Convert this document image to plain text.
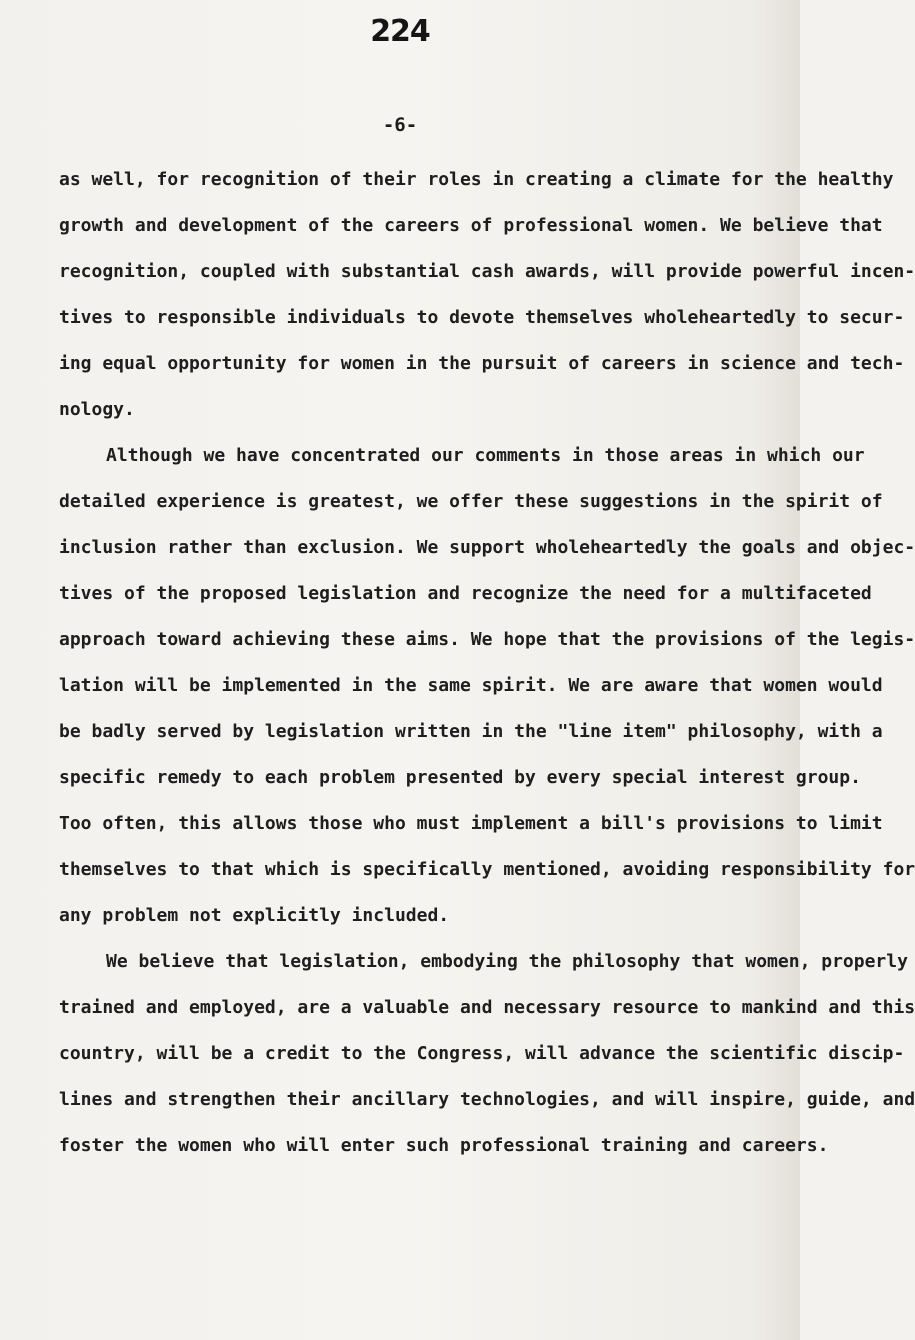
224
-6-
as well, for recognition of their roles in creating a climate for the healthy
growth and development of the careers of professional women. We believe that
recognition, coupled with substantial cash awards, will provide powerful incen-
tives to responsible individuals to devote themselves wholeheartedly to secur-
ing equal opportunity for women in the pursuit of careers in science and tech-
nology.
Although we have concentrated our comments in those areas in which our
detailed experience is greatest, we offer these suggestions in the spirit of
inclusion rather than exclusion. We support wholeheartedly the goals and objec-
tives of the proposed legislation and recognize the need for a multifaceted
approach toward achieving these aims. We hope that the provisions of the legis-
lation will be implemented in the same spirit. We are aware that women would
be badly served by legislation written in the "line item" philosophy, with a
specific remedy to each problem presented by every special interest group.
Too often, this allows those who must implement a bill's provisions to limit
themselves to that which is specifically mentioned, avoiding responsibility for
any problem not explicitly included.
We believe that legislation, embodying the philosophy that women, properly
trained and employed, are a valuable and necessary resource to mankind and this
country, will be a credit to the Congress, will advance the scientific discip-
lines and strengthen their ancillary technologies, and will inspire, guide, and
foster the women who will enter such professional training and careers.
